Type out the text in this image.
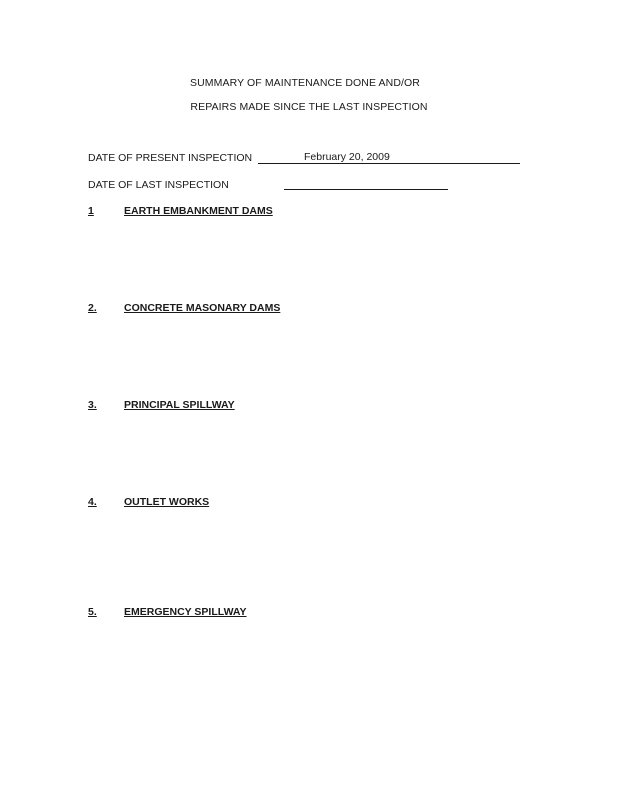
SUMMARY OF MAINTENANCE DONE AND/OR
REPAIRS MADE SINCE THE LAST INSPECTION
DATE OF PRESENT INSPECTION	February 20, 2009
DATE OF LAST INSPECTION
1	EARTH EMBANKMENT DAMS
2.	CONCRETE MASONARY DAMS
3.	PRINCIPAL SPILLWAY
4.	OUTLET WORKS
5.	EMERGENCY SPILLWAY
